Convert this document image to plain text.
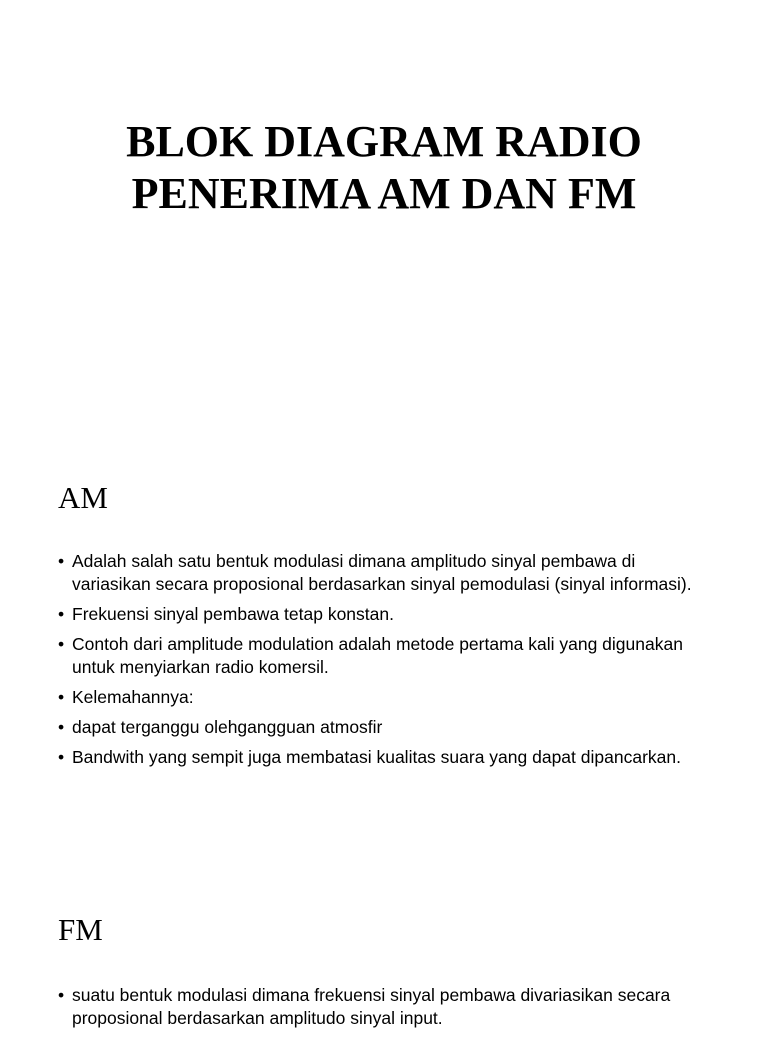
BLOK DIAGRAM RADIO
PENERIMA AM DAN FM
AM
• Adalah salah satu bentuk modulasi dimana amplitudo sinyal pembawa di variasikan secara proposional berdasarkan sinyal pemodulasi (sinyal informasi).
• Frekuensi sinyal pembawa tetap konstan.
• Contoh dari amplitude modulation adalah metode pertama kali yang digunakan untuk menyiarkan radio komersil.
• Kelemahannya:
• dapat terganggu olehgangguan atmosfir
• Bandwith yang sempit juga membatasi kualitas suara yang dapat dipancarkan.
FM
• suatu bentuk modulasi dimana frekuensi sinyal pembawa divariasikan secara proposional berdasarkan amplitudo sinyal input.
